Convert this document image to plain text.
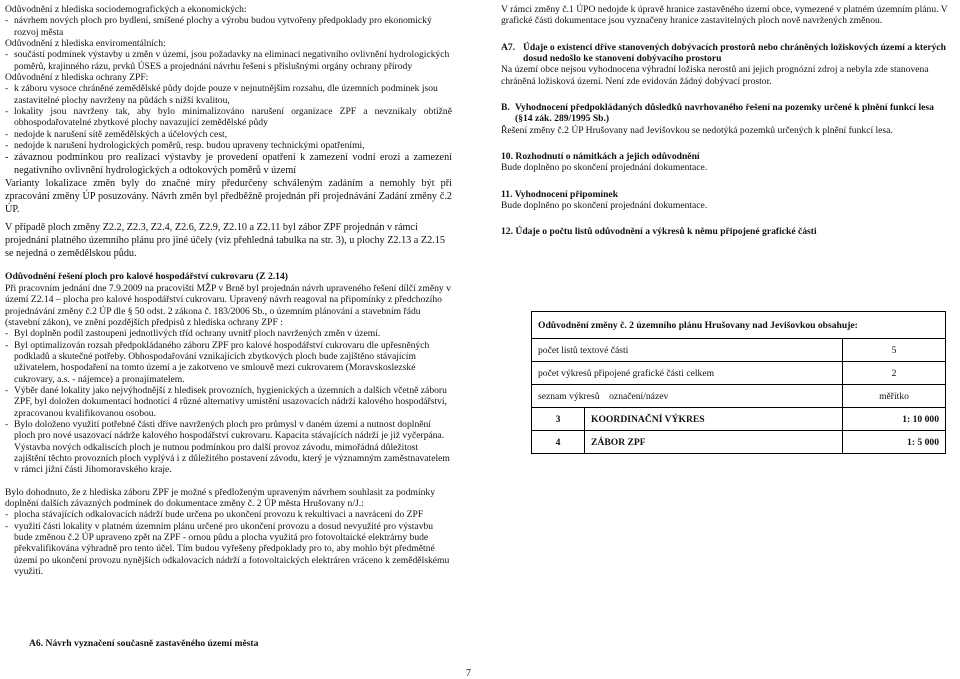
Odůvodnění z hlediska sociodemografických a ekonomických:

- návrhem nových ploch pro bydlení, smíšené plochy a výrobu budou vytvořeny předpoklady pro ekonomický rozvoj města

Odůvodnění z hlediska enviromentálních:

- součástí podmínek výstavby u změn v území, jsou požadavky na eliminaci negativního ovlivnění hydrologických poměrů, krajinného rázu, prvků ÚSES a projednání návrhu řešení s příslušnými orgány ochrany přírody

Odůvodnění z hlediska ochrany ZPF:

- k záboru vysoce chráněné zemědělské půdy dojde pouze v nejnutnějším rozsahu, dle územních podmínek jsou zastavitelné plochy navrženy na půdách s nižší kvalitou,
- lokality jsou navrženy tak, aby bylo minimalizováno narušení organizace ZPF a nevznikaly obtížně obhospodařovatelné zbytkové plochy navazující zemědělské půdy
- nedojde k narušení sítě zemědělských a účelových cest,
- nedojde k narušení hydrologických poměrů, resp. budou upraveny technickými opatřeními,
- závaznou podmínkou pro realizaci výstavby je provedení opatření k zamezení vodní erozi a zamezení negativního ovlivnění hydrologických a odtokových poměrů v území

Varianty lokalizace změn byly do značné míry předurčeny schváleným zadáním a nemohly být při zpracování změny ÚP posuzovány. Návrh změn byl předběžně projednán při projednávání Zadání změny č.2 ÚP.

V případě ploch změny Z2.2, Z2.3, Z2.4, Z2.6, Z2.9, Z2.10 a Z2.11 byl zábor ZPF projednán v rámci projednání platného územního plánu pro jiné účely (viz přehledná tabulka na str. 3), u plochy Z2.13 a Z2.15 se nejedná o zemědělskou půdu.

Odůvodnění řešení ploch pro kalové hospodářství cukrovaru (Z 2.14)

Při pracovním jednání dne 7.9.2009 na pracovišti MŽP v Brně byl projednán návrh upraveného řešení dílčí změny v území Z2.14 – plocha pro kalové hospodářství cukrovaru. Upravený návrh reagoval na připomínky z předchozího projednávání změny č.2 ÚP dle § 50 odst. 2 zákona č. 183/2006 Sb., o územním plánování a stavebním řádu (stavební zákon), ve znění pozdějších předpisů z hlediska ochrany ZPF :

- Byl doplněn podíl zastoupení jednotlivých tříd ochrany uvnitř ploch navržených změn v území.
- Byl optimalizován rozsah předpokládaného záboru ZPF pro kalové hospodářství cukrovaru dle upřesněných podkladů a skutečné potřeby. Obhospodařování vznikajících zbytkových ploch bude zajištěno stávajícím uživatelem, hospodaření na tomto území a je zakotveno ve smlouvě mezi cukrovarem (Moravskoslezské cukrovary, a.s. - nájemce) a pronajímatelem.
- Výběr dané lokality jako nejvýhodnější z hledisek provozních, hygienických a územních a dalších včetně záboru ZPF, byl doložen dokumentací hodnotící 4 různé alternativy umístění usazovacích nádrží kalového hospodářství, zpracovanou kvalifikovanou osobou.
- Bylo doloženo využití potřebné části dříve navržených ploch pro průmysl v daném území a nutnost doplnění ploch pro nové usazovací nádrže kalového hospodářství cukrovaru. Kapacita stávajících nádrží je již vyčerpána. Výstavba nových odkaliscích ploch je nutnou podmínkou pro další provoz závodu, mimořádná důležitost zajištění těchto provozních ploch vyplývá i z důležitého postavení závodu, který je významným zaměstnavatelem v rámci jižní části Jihomoravského kraje.

Bylo dohodnuto, že z hlediska záboru ZPF je možné s předloženým upraveným návrhem souhlasit za podmínky doplnění dalších závazných podmínek do dokumentace změny č. 2 ÚP města Hrušovany n/J.:

- plocha stávajících odkalovacích nádrží bude určena po ukončení provozu k rekultivaci a navrácení do ZPF
- využití části lokality v platném územním plánu určené pro ukončení provozu a dosud nevyužité pro výstavbu bude změnou č.2 ÚP upraveno zpět na ZPF - ornou půdu a plocha využitá pro fotovoltaické elektrárny bude překvalifikována výhradně pro tento účel. Tím budou vyřešeny předpoklady pro to, aby mohlo být předmětné území po ukončení provozu nynějších odkalovacích nádrží a fotovoltaických elektráren vráceno k zemědělskému využití.

V rámci změny č.1 ÚPO nedojde k úpravě hranice zastavěného území obce, vymezené v platném územním plánu. V grafické části dokumentace jsou vyznačeny hranice zastavitelných ploch nově navržených změnou.

A7. Údaje o existenci dříve stanovených dobývacích prostorů nebo chráněných ložiskových území a kterých dosud nedošlo ke stanovení dobývacího prostoru

Na území obce nejsou vyhodnocena výhradní ložiska nerostů ani jejich prognózní zdroj a nebyla zde stanovena chráněná ložisková území. Není zde evidován žádný dobývací prostor.

B. Vyhodnocení předpokládaných důsledků navrhovaného řešení na pozemky určené k plnění funkcí lesa (§14 zák. 289/1995 Sb.)

Řešení změny č.2 ÚP Hrušovany nad Jevišovkou se nedotýká pozemků určených k plnění funkcí lesa.

10. Rozhodnutí o námitkách a jejich odůvodnění

Bude doplněno po skončení projednání dokumentace.

11. Vyhodnocení připomínek

Bude doplněno po skončení projednání dokumentace.

12. Údaje o počtu listů odůvodnění a výkresů k němu připojené grafické části

Odůvodnění změny č. 2 územního plánu Hrušovany nad Jevišovkou obsahuje:		
počet listů textové části		5
počet výkresů připojené grafické části celkem		2
seznam výkresů    označení/název		měřítko
3	KOORDINAČNÍ VÝKRES	1: 10 000
4	ZÁBOR ZPF	1: 5 000
A6. Návrh vyznačení současně zastavěného území města
7
